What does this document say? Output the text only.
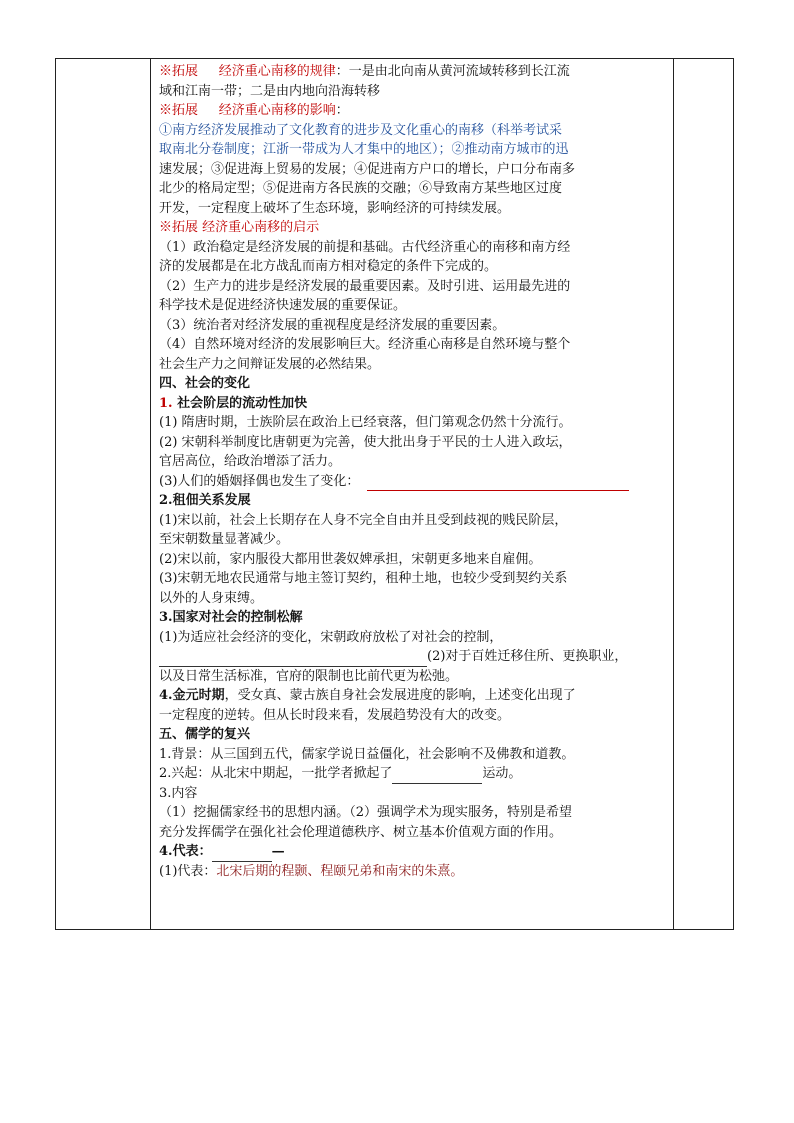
※拓展 经济重心南移的规律：一是由北向南从黄河流域转移到长江流
域和江南一带；二是由内地向沿海转移
※拓展 经济重心南移的影响：
①南方经济发展推动了文化教育的进步及文化重心的南移（科举考试采
取南北分卷制度；江浙一带成为人才集中的地区）；②推动南方城市的迅
速发展；③促进海上贸易的发展；④促进南方户口的增长，户口分布南多
北少的格局定型；⑤促进南方各民族的交融；⑥导致南方某些地区过度
开发，一定程度上破坏了生态环境，影响经济的可持续发展。
※拓展 经济重心南移的启示
（1）政治稳定是经济发展的前提和基础。古代经济重心的南移和南方经
济的发展都是在北方战乱而南方相对稳定的条件下完成的。
（2）生产力的进步是经济发展的最重要因素。及时引进、运用最先进的
科学技术是促进经济快速发展的重要保证。
（3）统治者对经济发展的重视程度是经济发展的重要因素。
（4）自然环境对经济的发展影响巨大。经济重心南移是自然环境与整个
社会生产力之间辩证发展的必然结果。
四、社会的变化
1. 社会阶层的流动性加快
(1) 隋唐时期，士族阶层在政治上已经衰落，但门第观念仍然十分流行。
(2) 宋朝科举制度比唐朝更为完善，使大批出身于平民的士人进入政坛，
官居高位，给政治增添了活力。
(3)人们的婚姻择偶也发生了变化：
2.租佃关系发展
(1)宋以前，社会上长期存在人身不完全自由并且受到歧视的贱民阶层，
至宋朝数量显著减少。
(2)宋以前，家内服役大都用世袭奴婢承担，宋朝更多地来自雇佣。
(3)宋朝无地农民通常与地主签订契约，租种土地，也较少受到契约关系
以外的人身束缚。
3.国家对社会的控制松解
(1)为适应社会经济的变化，宋朝政府放松了对社会的控制，
(2)对于百姓迁移住所、更换职业，
以及日常生活标准，官府的限制也比前代更为松弛。
4.金元时期，受女真、蒙古族自身社会发展进度的影响，上述变化出现了
一定程度的逆转。但从长时段来看，发展趋势没有大的改变。
五、儒学的复兴
1.背景：从三国到五代，儒家学说日益僵化，社会影响不及佛教和道教。
2.兴起：从北宋中期起，一批学者掀起了	运动。
3.内容
（1）挖掘儒家经书的思想内涵。（2）强调学术为现实服务，特别是希望
充分发挥儒学在强化社会伦理道德秩序、树立基本价值观方面的作用。
4.代表：	—
(1)代表：北宋后期的程颢、程颐兄弟和南宋的朱熹。
